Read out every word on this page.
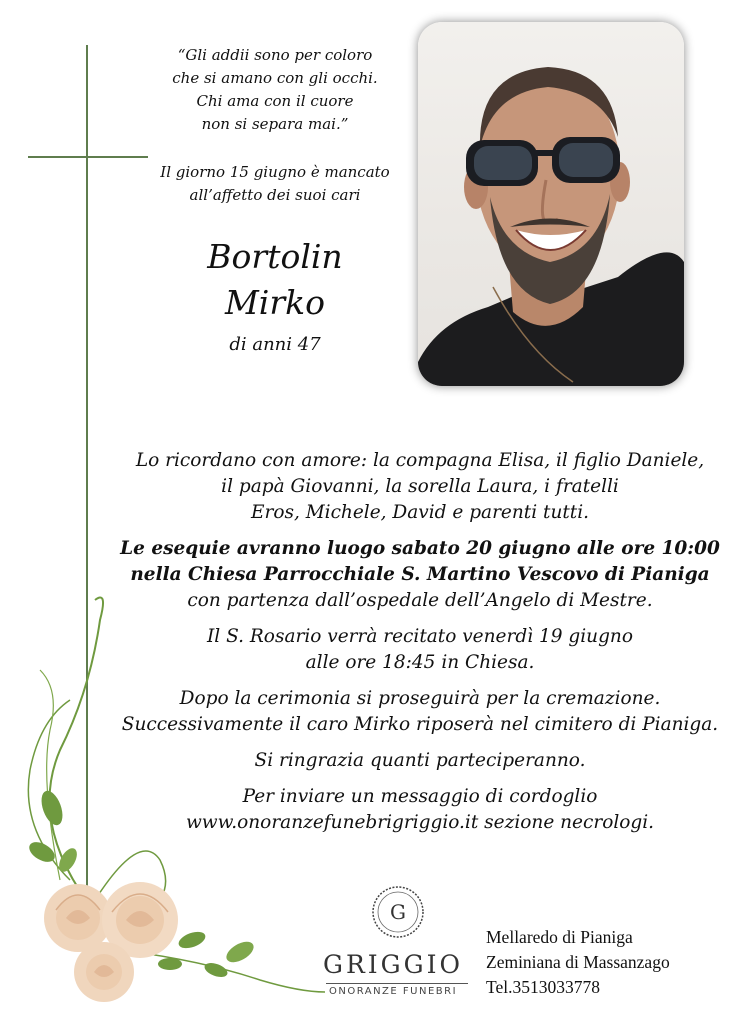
“Gli addii sono per coloro
che si amano con gli occhi.
Chi ama con il cuore
non si separa mai.”
Il giorno 15 giugno è mancato
all’affetto dei suoi cari
Bortolin
Mirko
di anni 47

Lo ricordano con amore: la compagna Elisa, il figlio Daniele,
il papà Giovanni, la sorella Laura, i fratelli
Eros, Michele, David e parenti tutti.

Le esequie avranno luogo sabato 20 giugno alle ore 10:00
nella Chiesa Parrocchiale S. Martino Vescovo di Pianiga
con partenza dall’ospedale dell’Angelo di Mestre.

Il S. Rosario verrà recitato venerdì 19 giugno
alle ore 18:45 in Chiesa.

Dopo la cerimonia si proseguirà per la cremazione.
Successivamente il caro Mirko riposerà nel cimitero di Pianiga.

Si ringrazia quanti parteciperanno.

Per inviare un messaggio di cordoglio
www.onoranzefunebrigriggio.it sezione necrologi.

G
GRIGGIO
ONORANZE FUNEBRI
Mellaredo di Pianiga
Zeminiana di Massanzago
Tel.3513033778
